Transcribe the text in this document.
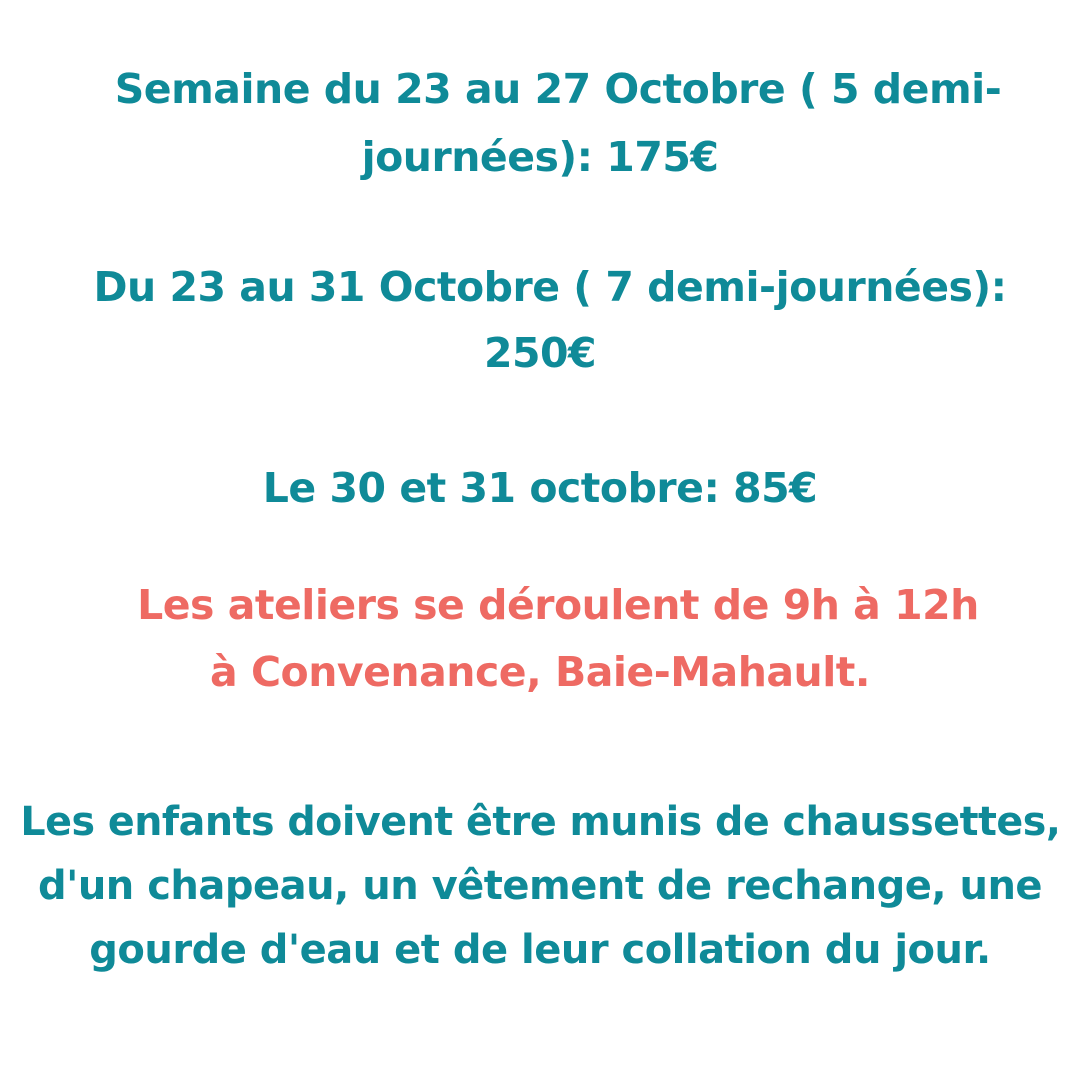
Semaine du 23 au 27 Octobre ( 5 demi-
journées): 175€
Du 23 au 31 Octobre ( 7 demi-journées):
250€
Le 30 et 31 octobre: 85€
Les ateliers se déroulent de 9h à 12h
à Convenance, Baie-Mahault.
Les enfants doivent être munis de chaussettes,
d'un chapeau, un vêtement de rechange, une
gourde d'eau et de leur collation du jour.
